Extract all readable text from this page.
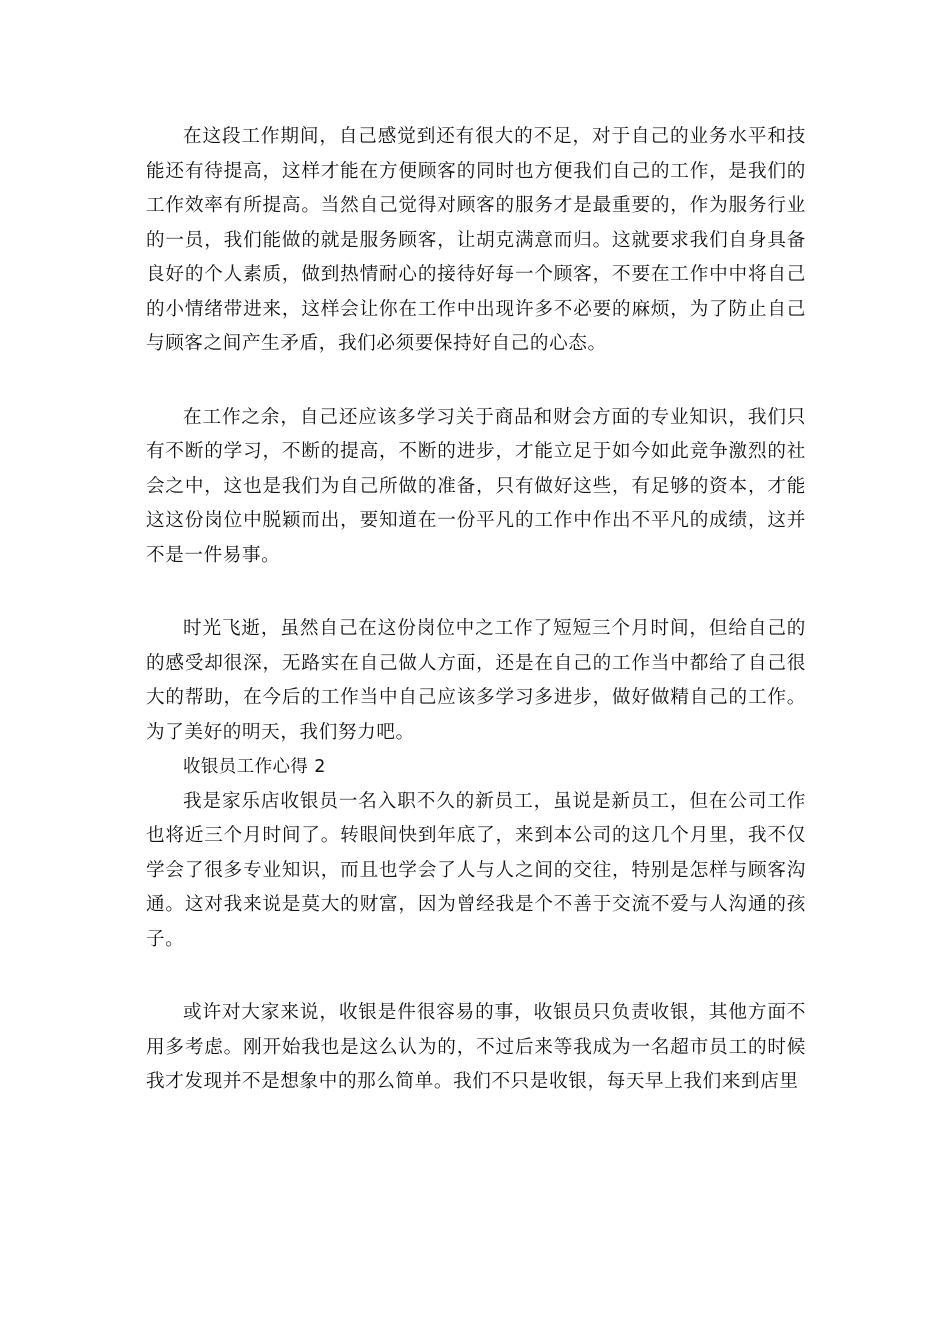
在这段工作期间，自己感觉到还有很大的不足，对于自己的业务水平和技能还有待提高，这样才能在方便顾客的同时也方便我们自己的工作，是我们的工作效率有所提高。当然自己觉得对顾客的服务才是最重要的，作为服务行业的一员，我们能做的就是服务顾客，让胡克满意而归。这就要求我们自身具备良好的个人素质，做到热情耐心的接待好每一个顾客，不要在工作中中将自己的小情绪带进来，这样会让你在工作中出现许多不必要的麻烦，为了防止自己与顾客之间产生矛盾，我们必须要保持好自己的心态。

在工作之余，自己还应该多学习关于商品和财会方面的专业知识，我们只有不断的学习，不断的提高，不断的进步，才能立足于如今如此竞争激烈的社会之中，这也是我们为自己所做的准备，只有做好这些，有足够的资本，才能这这份岗位中脱颖而出，要知道在一份平凡的工作中作出不平凡的成绩，这并不是一件易事。

时光飞逝，虽然自己在这份岗位中之工作了短短三个月时间，但给自己的的感受却很深，无路实在自己做人方面，还是在自己的工作当中都给了自己很大的帮助，在今后的工作当中自己应该多学习多进步，做好做精自己的工作。为了美好的明天，我们努力吧。

收银员工作心得 2

我是家乐店收银员一名入职不久的新员工，虽说是新员工，但在公司工作也将近三个月时间了。转眼间快到年底了，来到本公司的这几个月里，我不仅学会了很多专业知识，而且也学会了人与人之间的交往，特别是怎样与顾客沟通。这对我来说是莫大的财富，因为曾经我是个不善于交流不爱与人沟通的孩子。

或许对大家来说，收银是件很容易的事，收银员只负责收银，其他方面不用多考虑。刚开始我也是这么认为的，不过后来等我成为一名超市员工的时候我才发现并不是想象中的那么简单。我们不只是收银，每天早上我们来到店里
